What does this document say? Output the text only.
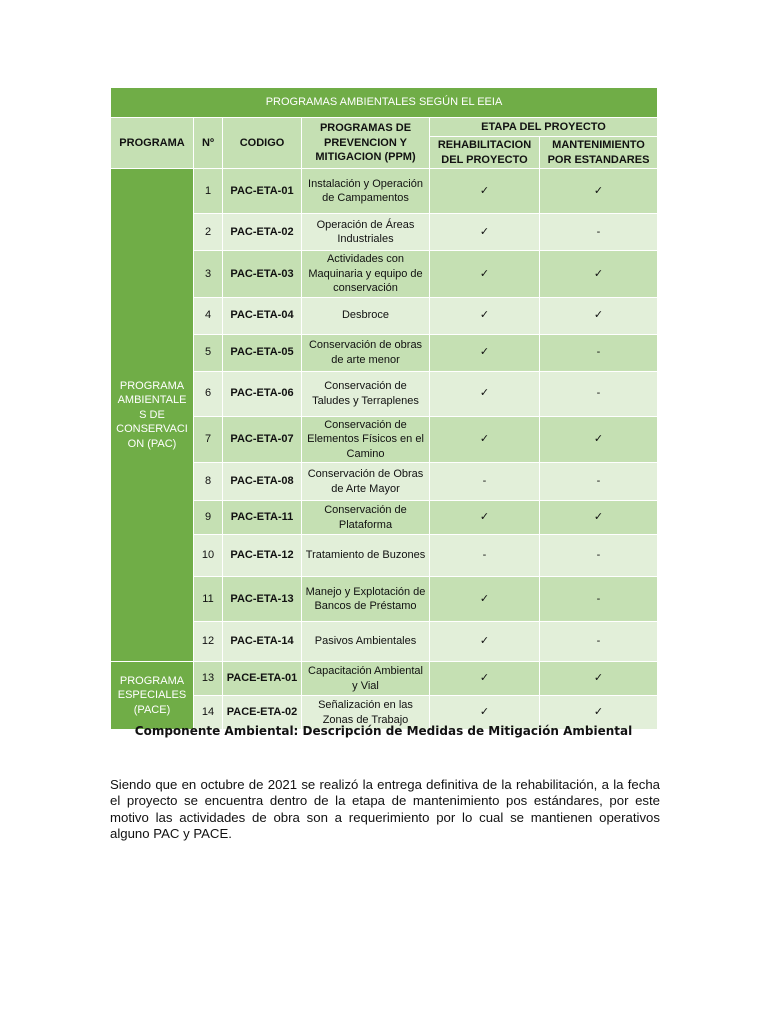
PROGRAMAS AMBIENTALES SEGÚN EL EEIA					
PROGRAMA	Nº	CODIGO	PROGRAMAS DE PREVENCION Y MITIGACION (PPM)	ETAPA DEL PROYECTO	
				REHABILITACION DEL PROYECTO	MANTENIMIENTO POR ESTANDARES
PROGRAMA AMBIENTALE S DE CONSERVACI ON (PAC)	1	PAC-ETA-01	Instalación y Operación de Campamentos	✓	✓
	2	PAC-ETA-02	Operación de Áreas Industriales	✓	-
	3	PAC-ETA-03	Actividades con Maquinaria y equipo de conservación	✓	✓
	4	PAC-ETA-04	Desbroce	✓	✓
	5	PAC-ETA-05	Conservación de obras de arte menor	✓	-
	6	PAC-ETA-06	Conservación de Taludes y Terraplenes	✓	-
	7	PAC-ETA-07	Conservación de Elementos Físicos en el Camino	✓	✓
	8	PAC-ETA-08	Conservación de Obras de Arte Mayor	-	-
	9	PAC-ETA-11	Conservación de Plataforma	✓	✓
	10	PAC-ETA-12	Tratamiento de Buzones	-	-
	11	PAC-ETA-13	Manejo y Explotación de Bancos de Préstamo	✓	-
	12	PAC-ETA-14	Pasivos Ambientales	✓	-
PROGRAMA ESPECIALES (PACE)	13	PACE-ETA-01	Capacitación Ambiental y Vial	✓	✓
	14	PACE-ETA-02	Señalización en las Zonas de Trabajo	✓	✓
Componente Ambiental: Descripción de Medidas de Mitigación Ambiental
Siendo que en octubre de 2021 se realizó la entrega definitiva de la rehabilitación, a la fecha el proyecto se encuentra dentro de la etapa de mantenimiento pos estándares, por este motivo las actividades de obra son a requerimiento por lo cual se mantienen operativos alguno PAC y PACE.
